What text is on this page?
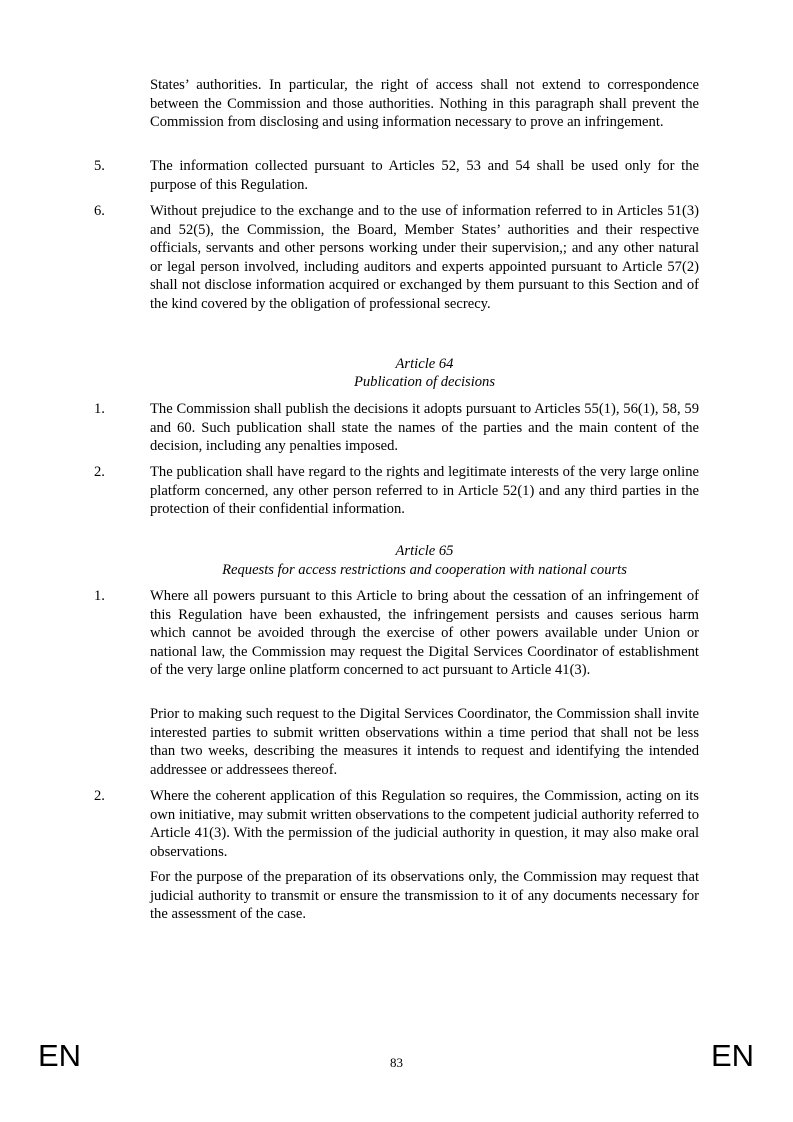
States’ authorities. In particular, the right of access shall not extend to correspondence between the Commission and those authorities. Nothing in this paragraph shall prevent the Commission from disclosing and using information necessary to prove an infringement.

5.	The information collected pursuant to Articles 52, 53 and 54 shall be used only for the purpose of this Regulation.

6.	Without prejudice to the exchange and to the use of information referred to in Articles 51(3) and 52(5), the Commission, the Board, Member States’ authorities and their respective officials, servants and other persons working under their supervision,; and any other natural or legal person involved, including auditors and experts appointed pursuant to Article 57(2) shall not disclose information acquired or exchanged by them pursuant to this Section and of the kind covered by the obligation of professional secrecy.

Article 64

Publication of decisions

1.	The Commission shall publish the decisions it adopts pursuant to Articles 55(1), 56(1), 58, 59 and 60. Such publication shall state the names of the parties and the main content of the decision, including any penalties imposed.

2.	The publication shall have regard to the rights and legitimate interests of the very large online platform concerned, any other person referred to in Article 52(1) and any third parties in the protection of their confidential information.

Article 65

Requests for access restrictions and cooperation with national courts

1.	Where all powers pursuant to this Article to bring about the cessation of an infringement of this Regulation have been exhausted, the infringement persists and causes serious harm which cannot be avoided through the exercise of other powers available under Union or national law, the Commission may request the Digital Services Coordinator of establishment of the very large online platform concerned to act pursuant to Article 41(3).

Prior to making such request to the Digital Services Coordinator, the Commission shall invite interested parties to submit written observations within a time period that shall not be less than two weeks, describing the measures it intends to request and identifying the intended addressee or addressees thereof.

2.	Where the coherent application of this Regulation so requires, the Commission, acting on its own initiative, may submit written observations to the competent judicial authority referred to Article 41(3). With the permission of the judicial authority in question, it may also make oral observations.

For the purpose of the preparation of its observations only, the Commission may request that judicial authority to transmit or ensure the transmission to it of any documents necessary for the assessment of the case.

EN	83	EN
